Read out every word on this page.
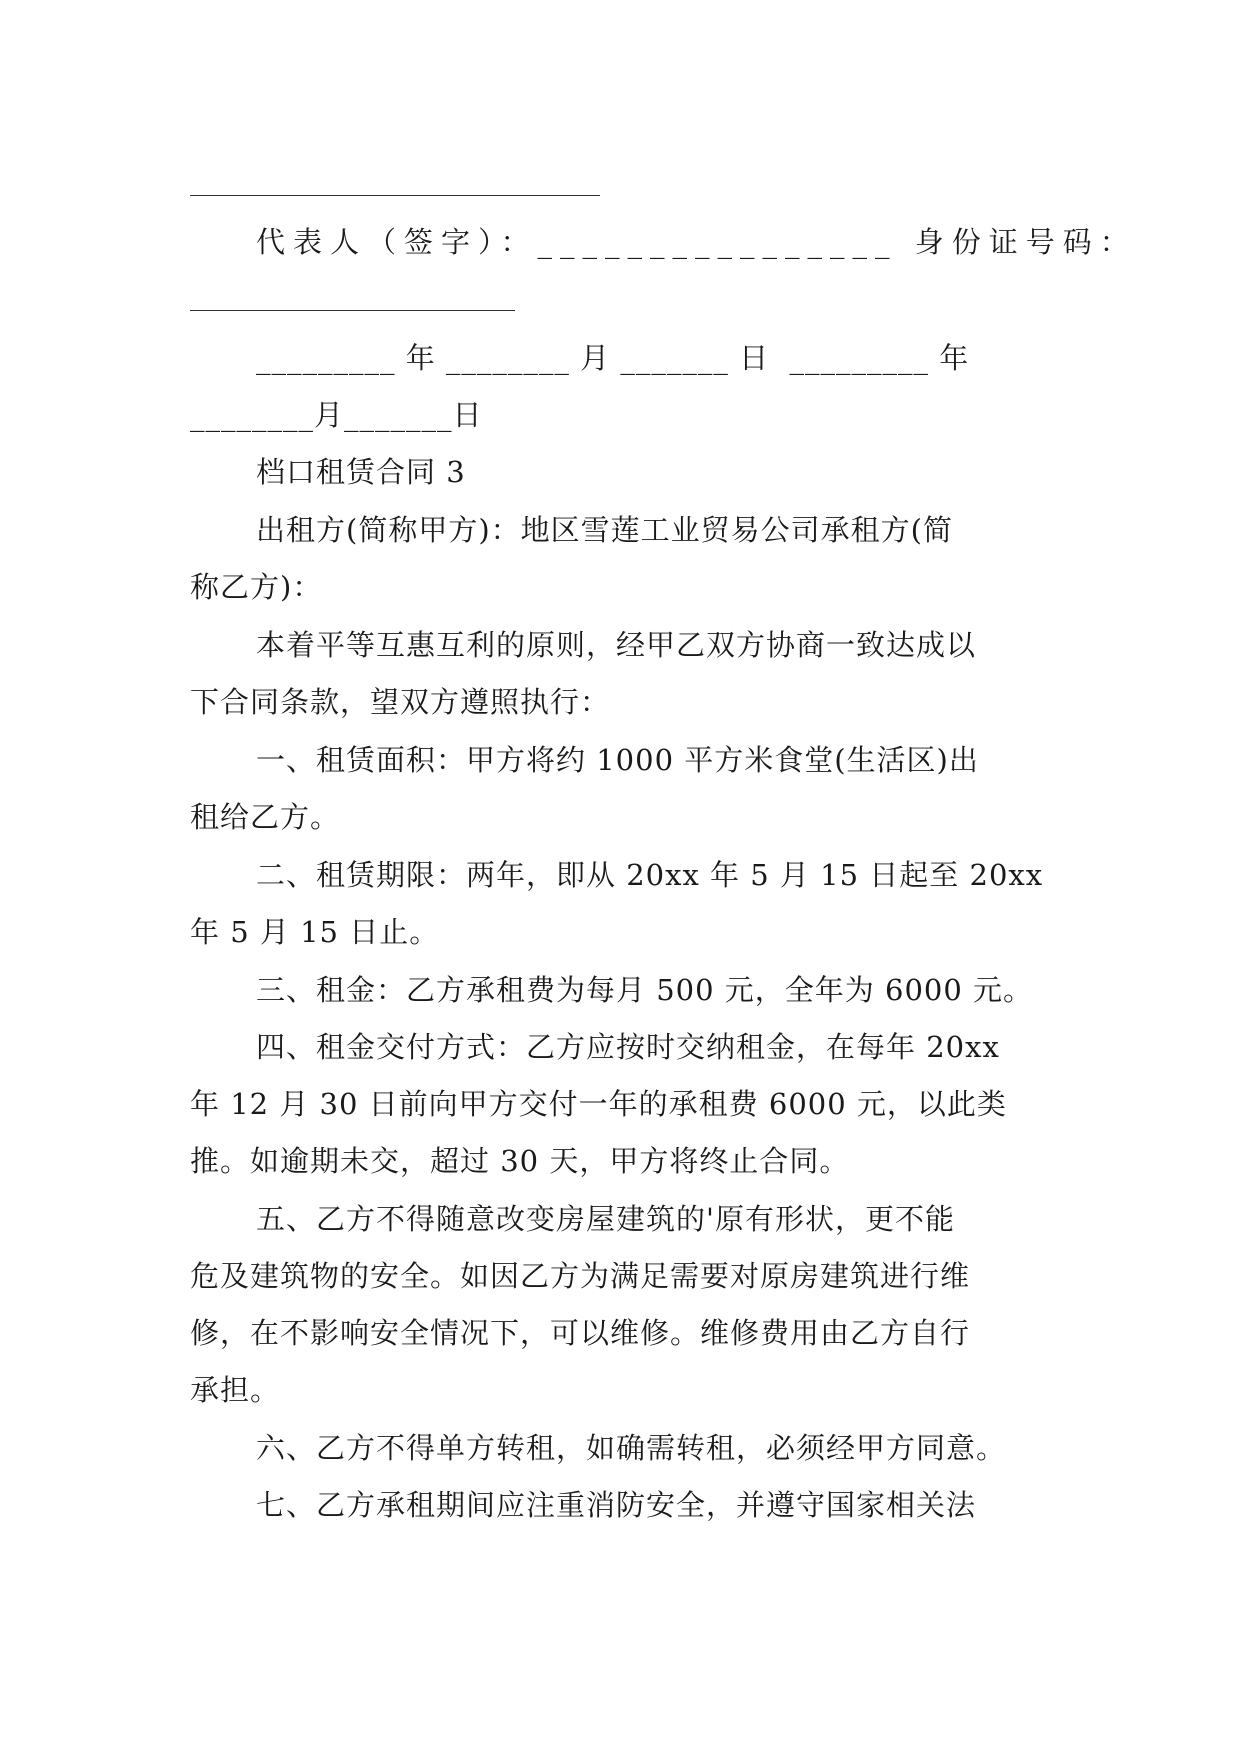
代表人（签字）：________________ 身份证号码：
_________ 年 ________ 月 _______ 日  _________ 年
________月_______日
档口租赁合同 3
出租方(简称甲方)：地区雪莲工业贸易公司承租方(简
称乙方)：
本着平等互惠互利的原则，经甲乙双方协商一致达成以
下合同条款，望双方遵照执行：
一、租赁面积：甲方将约 1000 平方米食堂(生活区)出
租给乙方。
二、租赁期限：两年，即从 20xx 年 5 月 15 日起至 20xx
年 5 月 15 日止。
三、租金：乙方承租费为每月 500 元，全年为 6000 元。
四、租金交付方式：乙方应按时交纳租金，在每年 20xx
年 12 月 30 日前向甲方交付一年的承租费 6000 元，以此类
推。如逾期未交，超过 30 天，甲方将终止合同。
五、乙方不得随意改变房屋建筑的'原有形状，更不能
危及建筑物的安全。如因乙方为满足需要对原房建筑进行维
修，在不影响安全情况下，可以维修。维修费用由乙方自行
承担。
六、乙方不得单方转租，如确需转租，必须经甲方同意。
七、乙方承租期间应注重消防安全，并遵守国家相关法
